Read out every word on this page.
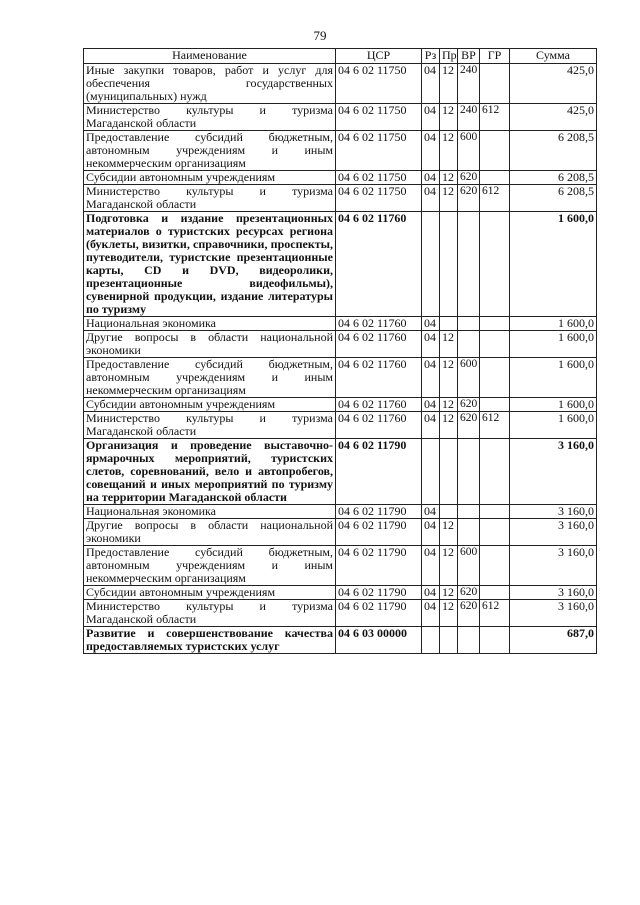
79
Наименование	ЦСР	Рз	Пр	ВР	ГР	Сумма
Иные закупки товаров, работ и услуг для обеспечения государственных (муниципальных) нужд	04 6 02 11750	04	12	240		425,0
Министерство культуры и туризма Магаданской области	04 6 02 11750	04	12	240	612	425,0
Предоставление субсидий бюджетным, автономным учреждениям и иным некоммерческим организациям	04 6 02 11750	04	12	600		6 208,5
Субсидии автономным учреждениям	04 6 02 11750	04	12	620		6 208,5
Министерство культуры и туризма Магаданской области	04 6 02 11750	04	12	620	612	6 208,5
Подготовка и издание презентационных материалов о туристских ресурсах региона (буклеты, визитки, справочники, проспекты, путеводители, туристские презентационные карты, CD и DVD, видеоролики, презентационные видеофильмы), сувенирной продукции, издание литературы по туризму	04 6 02 11760					1 600,0
Национальная экономика	04 6 02 11760	04				1 600,0
Другие вопросы в области национальной экономики	04 6 02 11760	04	12			1 600,0
Предоставление субсидий бюджетным, автономным учреждениям и иным некоммерческим организациям	04 6 02 11760	04	12	600		1 600,0
Субсидии автономным учреждениям	04 6 02 11760	04	12	620		1 600,0
Министерство культуры и туризма Магаданской области	04 6 02 11760	04	12	620	612	1 600,0
Организация и проведение выставочно-ярмарочных мероприятий, туристских слетов, соревнований, вело и автопробегов, совещаний и иных мероприятий по туризму на территории Магаданской области	04 6 02 11790					3 160,0
Национальная экономика	04 6 02 11790	04				3 160,0
Другие вопросы в области национальной экономики	04 6 02 11790	04	12			3 160,0
Предоставление субсидий бюджетным, автономным учреждениям и иным некоммерческим организациям	04 6 02 11790	04	12	600		3 160,0
Субсидии автономным учреждениям	04 6 02 11790	04	12	620		3 160,0
Министерство культуры и туризма Магаданской области	04 6 02 11790	04	12	620	612	3 160,0
Развитие и совершенствование качества предоставляемых туристских услуг	04 6 03 00000					687,0
